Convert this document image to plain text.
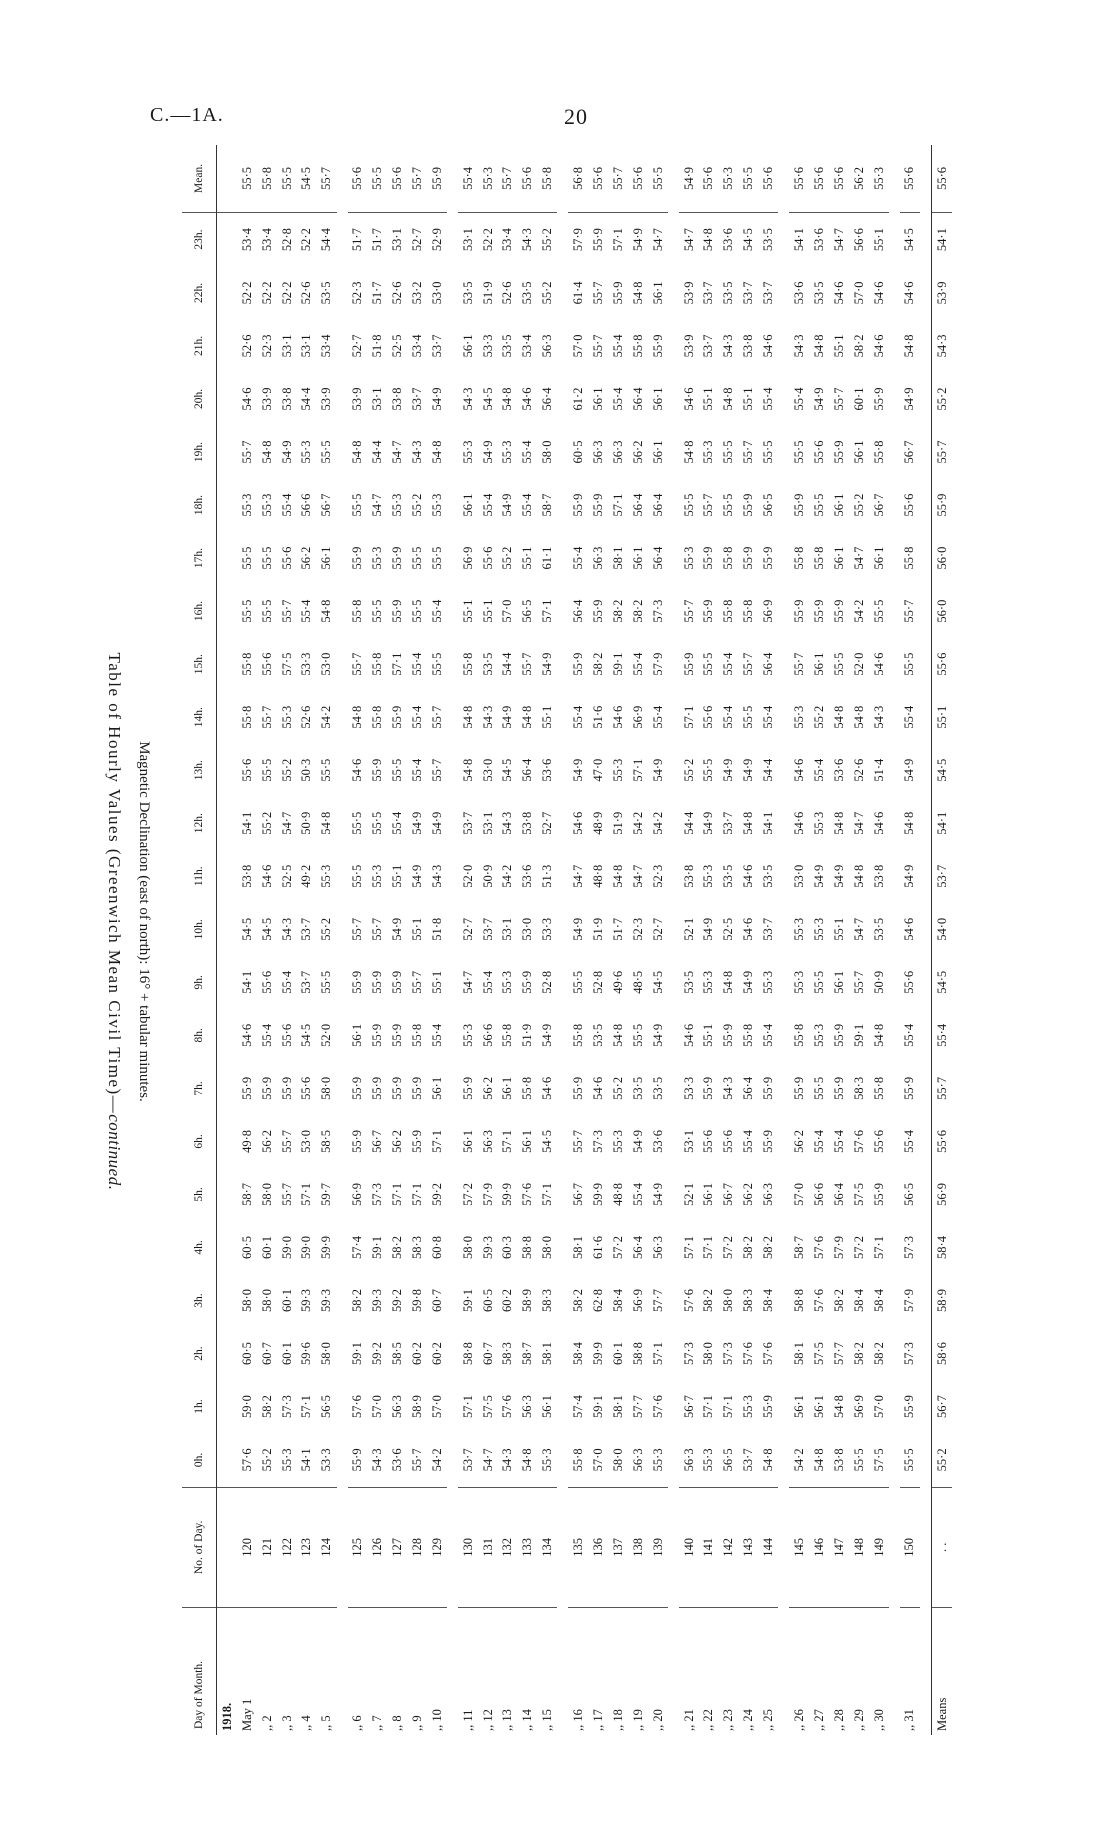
C.—1A.	20
Table of Hourly Values (Greenwich Mean Civil Time)—continued.
Magnetic Declination (east of north): 16° + tabular minutes.
Day of Month.	No. of Day.	0h.	1h.	2h.	3h.	4h.	5h.	6h.	7h.	8h.	9h.	10h.	11h.	12h.	13h.	14h.	15h.	16h.	17h.	18h.	19h.	20h.	21h.	22h.	23h.	Mean.
1918.																										
May 1	120	57·6	59·0	60·5	58·0	60·5	58·7	49·8	55·9	54·6	54·1	54·5	53·8	54·1	55·6	55·8	55·8	55·5	55·5	55·3	55·7	54·6	52·6	52·2	53·4	55·5
,, 2	121	55·2	58·2	60·7	58·0	60·1	58·0	56·2	55·9	55·4	55·6	54·5	54·6	55·2	55·5	55·7	55·6	55·5	55·5	55·3	54·8	53·9	52·3	52·2	53·4	55·8
,, 3	122	55·3	57·3	60·1	60·1	59·0	55·7	55·7	55·9	55·6	55·4	54·3	52·5	54·7	55·2	55·3	57·5	55·7	55·6	55·4	54·9	53·8	53·1	52·2	52·8	55·5
,, 4	123	54·1	57·1	59·6	59·3	59·0	57·1	53·0	55·6	54·5	53·7	53·7	49·2	50·9	50·3	52·6	53·3	55·4	56·2	56·6	55·3	54·4	53·1	52·6	52·2	54·5
,, 5	124	53·3	56·5	58·0	59·3	59·9	59·7	58·5	58·0	52·0	55·5	55·2	55·3	54·8	55·5	54·2	53·0	54·8	56·1	56·7	55·5	53·9	53·4	53·5	54·4	55·7

,, 6	125	55·9	57·6	59·1	58·2	57·4	56·9	55·9	55·9	56·1	55·9	55·7	55·5	55·5	54·6	54·8	55·7	55·8	55·9	55·5	54·8	53·9	52·7	52·3	51·7	55·6
,, 7	126	54·3	57·0	59·2	59·3	59·1	57·3	56·7	55·9	55·9	55·9	55·7	55·3	55·5	55·9	55·8	55·8	55·5	55·3	54·7	54·4	53·1	51·8	51·7	51·7	55·5
,, 8	127	53·6	56·3	58·5	59·2	58·2	57·1	56·2	55·9	55·9	55·9	54·9	55·1	55·4	55·5	55·9	57·1	55·9	55·9	55·3	54·7	53·8	52·5	52·6	53·1	55·6
,, 9	128	55·7	58·9	60·2	59·8	58·3	57·1	55·9	55·9	55·8	55·7	55·1	54·9	54·9	55·4	55·4	55·4	55·5	55·5	55·2	54·3	53·7	53·4	53·2	52·7	55·7
,, 10	129	54·2	57·0	60·2	60·7	60·8	59·2	57·1	56·1	55·4	55·1	51·8	54·3	54·9	55·7	55·7	55·5	55·4	55·5	55·3	54·8	54·9	53·7	53·0	52·9	55·9

,, 11	130	53·7	57·1	58·8	59·1	58·0	57·2	56·1	55·9	55·3	54·7	52·7	52·0	53·7	54·8	54·8	55·8	55·1	56·9	56·1	55·3	54·3	56·1	53·5	53·1	55·4
,, 12	131	54·7	57·5	60·7	60·5	59·3	57·9	56·3	56·2	56·6	55·4	53·7	50·9	53·1	53·0	54·3	53·5	55·1	55·6	55·4	54·9	54·5	53·3	51·9	52·2	55·3
,, 13	132	54·3	57·6	58·3	60·2	60·3	59·9	57·1	56·1	55·8	55·3	53·1	54·2	54·3	54·5	54·9	54·4	57·0	55·2	54·9	55·3	54·8	53·5	52·6	53·4	55·7
,, 14	133	54·8	56·3	58·7	58·9	58·8	57·6	56·1	55·8	51·9	55·9	53·0	53·6	53·8	56·4	54·8	55·7	56·5	55·1	55·4	55·4	54·6	53·4	53·5	54·3	55·6
,, 15	134	55·3	56·1	58·1	58·3	58·0	57·1	54·5	54·6	54·9	52·8	53·3	51·3	52·7	53·6	55·1	54·9	57·1	61·1	58·7	58·0	56·4	56·3	55·2	55·2	55·8

,, 16	135	55·8	57·4	58·4	58·2	58·1	56·7	55·7	55·9	55·8	55·5	54·9	54·7	54·6	54·9	55·4	55·9	56·4	55·4	55·9	60·5	61·2	57·0	61·4	57·9	56·8
,, 17	136	57·0	59·1	59·9	62·8	61·6	59·9	57·3	54·6	53·5	52·8	51·9	48·8	48·9	47·0	51·6	58·2	55·9	56·3	55·9	56·3	56·1	55·7	55·7	55·9	55·6
,, 18	137	58·0	58·1	60·1	58·4	57·2	48·8	55·3	55·2	54·8	49·6	51·7	54·8	51·9	55·3	54·6	59·1	58·2	58·1	57·1	56·3	55·4	55·4	55·9	57·1	55·7
,, 19	138	56·3	57·7	58·8	56·9	56·4	55·4	54·9	53·5	55·5	48·5	52·3	54·7	54·2	57·1	56·9	55·4	58·2	56·1	56·4	56·2	56·4	55·8	54·8	54·9	55·6
,, 20	139	55·3	57·6	57·1	57·7	56·3	54·9	53·6	53·5	54·9	54·5	52·7	52·3	54·2	54·9	55·4	57·9	57·3	56·4	56·4	56·1	56·1	55·9	56·1	54·7	55·5

,, 21	140	56·3	56·7	57·3	57·6	57·1	52·1	53·1	53·3	54·6	53·5	52·1	53·8	54·4	55·2	57·1	55·9	55·7	55·3	55·5	54·8	54·6	53·9	53·9	54·7	54·9
,, 22	141	55·3	57·1	58·0	58·2	57·1	56·1	55·6	55·9	55·1	55·3	54·9	55·3	54·9	55·5	55·6	55·5	55·9	55·9	55·7	55·3	55·1	53·7	53·7	54·8	55·6
,, 23	142	56·5	57·1	57·3	58·0	57·2	56·7	55·6	54·3	55·9	54·8	52·5	53·5	53·7	54·9	55·4	55·4	55·8	55·8	55·5	55·5	54·8	54·3	53·5	53·6	55·3
,, 24	143	53·7	55·3	57·6	58·3	58·2	56·2	55·4	56·4	55·8	54·9	54·6	54·6	54·8	54·9	55·5	55·7	55·8	55·9	55·9	55·7	55·1	53·8	53·7	54·5	55·5
,, 25	144	54·8	55·9	57·6	58·4	58·2	56·3	55·9	55·9	55·4	55·3	53·7	53·5	54·1	54·4	55·4	56·4	56·9	55·9	56·5	55·5	55·4	54·6	53·7	53·5	55·6

,, 26	145	54·2	56·1	58·1	58·8	58·7	57·0	56·2	55·9	55·8	55·3	55·3	53·0	54·6	54·6	55·3	55·7	55·9	55·8	55·9	55·5	55·4	54·3	53·6	54·1	55·6
,, 27	146	54·8	56·1	57·5	57·6	57·6	56·6	55·4	55·5	55·3	55·5	55·3	54·9	55·3	55·4	55·2	56·1	55·9	55·8	55·5	55·6	54·9	54·8	53·5	53·6	55·6
,, 28	147	53·8	54·8	57·7	58·2	57·9	56·4	55·4	55·9	55·9	56·1	55·1	54·9	54·8	53·6	54·8	55·5	55·9	56·1	56·1	55·9	55·7	55·1	54·6	54·7	55·6
,, 29	148	55·5	56·9	58·2	58·4	57·2	57·5	57·6	58·3	59·1	55·7	54·7	54·8	54·7	52·6	54·8	52·0	54·2	54·7	55·2	56·1	60·1	58·2	57·0	56·6	56·2
,, 30	149	57·5	57·0	58·2	58·4	57·1	55·9	55·6	55·8	54·8	50·9	53·5	53·8	54·6	51·4	54·3	54·6	55·5	56·1	56·7	55·8	55·9	54·6	54·6	55·1	55·3

,, 31	150	55·5	55·9	57·3	57·9	57·3	56·5	55·4	55·9	55·4	55·6	54·6	54·9	54·8	54·9	55·4	55·5	55·7	55·8	55·6	56·7	54·9	54·8	54·6	54·5	55·6

Means	. .	55·2	56·7	58·6	58·9	58·4	56·9	55·6	55·7	55·4	54·5	54·0	53·7	54·1	54·5	55·1	55·6	56·0	56·0	55·9	55·7	55·2	54·3	53·9	54·1	55·6
